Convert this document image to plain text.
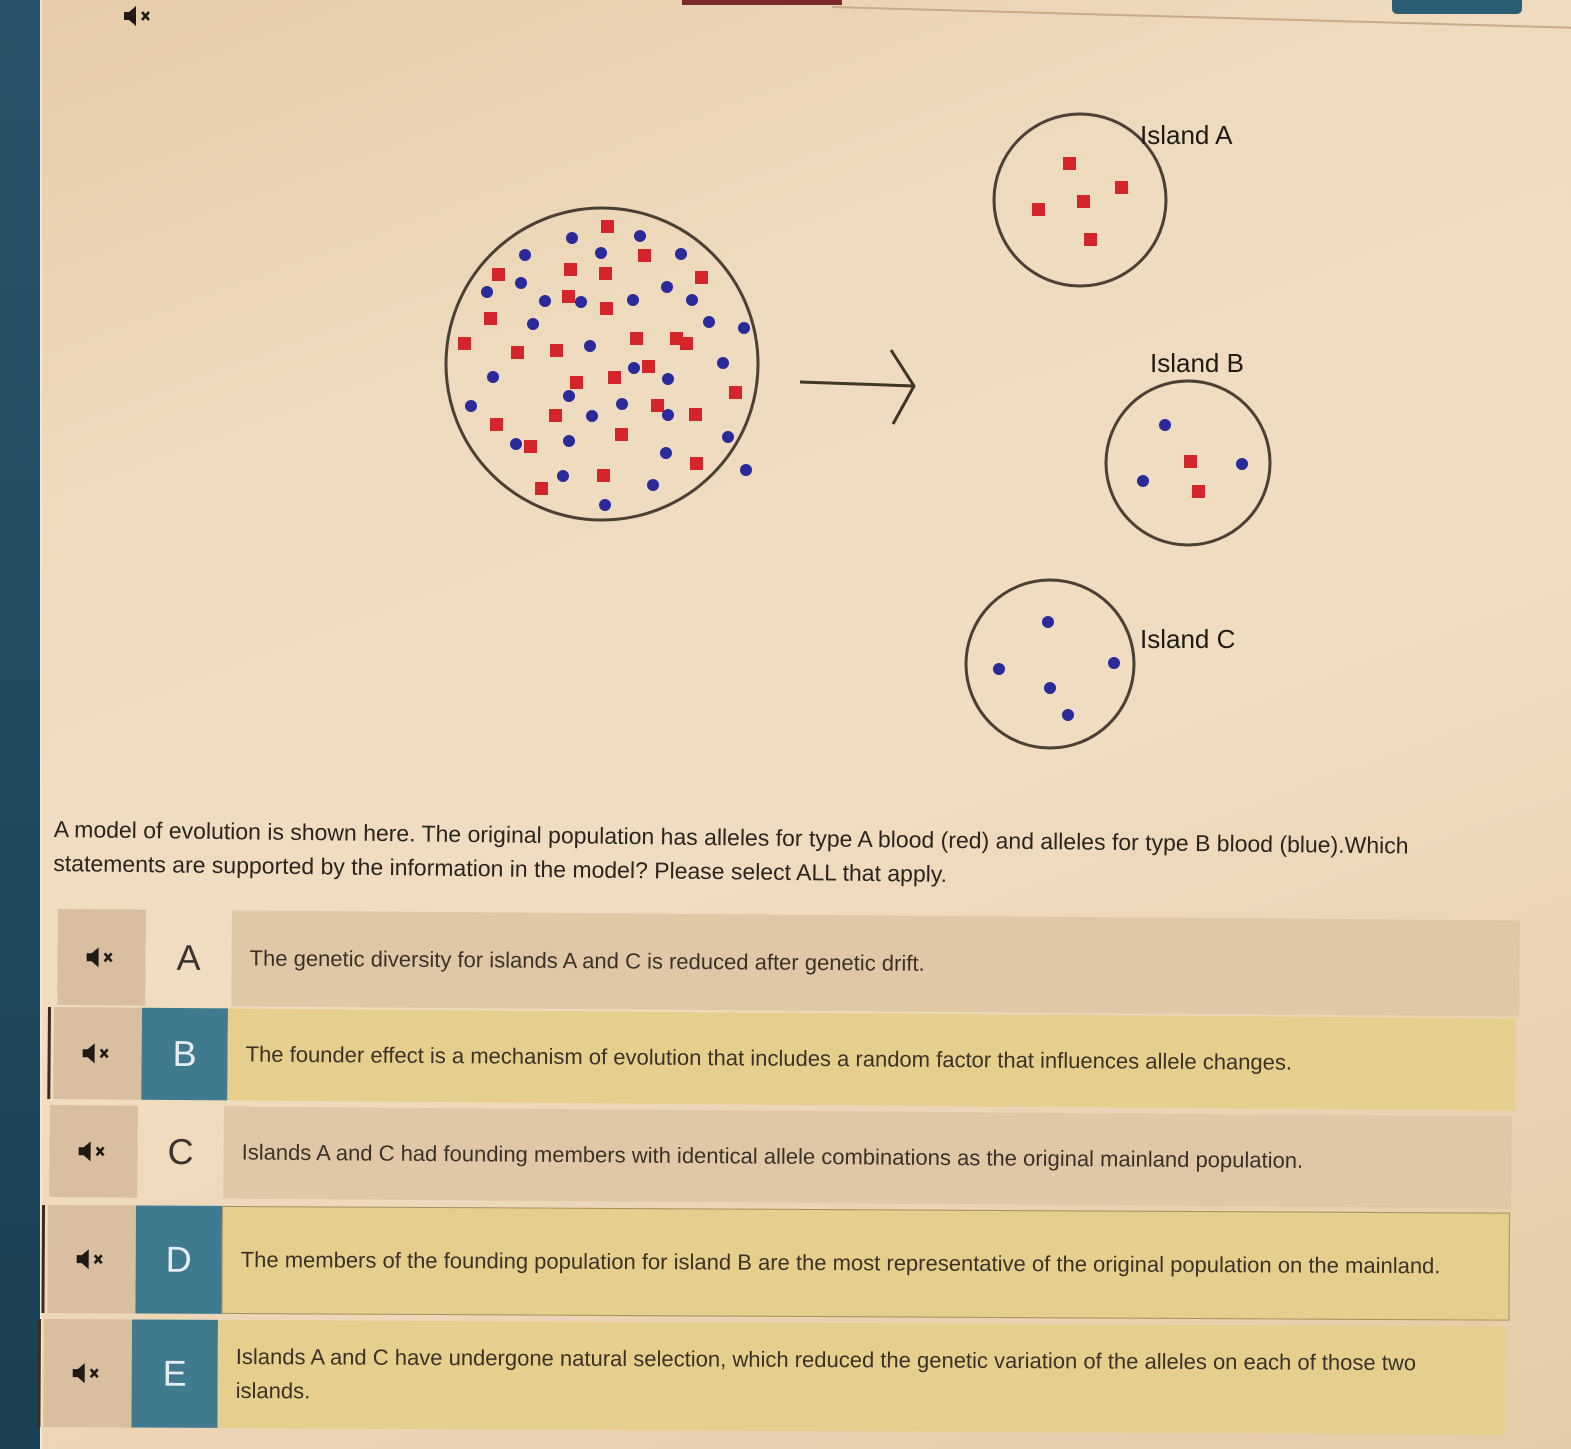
Island A
Island B
Island C
A model of evolution is shown here. The original population has alleles for type A blood (red) and alleles for type B blood (blue).Which statements are supported by the information in the model? Please select ALL that apply.
A	The genetic diversity for islands A and C is reduced after genetic drift.
B	The founder effect is a mechanism of evolution that includes a random factor that influences allele changes.
C	Islands A and C had founding members with identical allele combinations as the original mainland population.
D	The members of the founding population for island B are the most representative of the original population on the mainland.
E	Islands A and C have undergone natural selection, which reduced the genetic variation of the alleles on each of those two islands.
